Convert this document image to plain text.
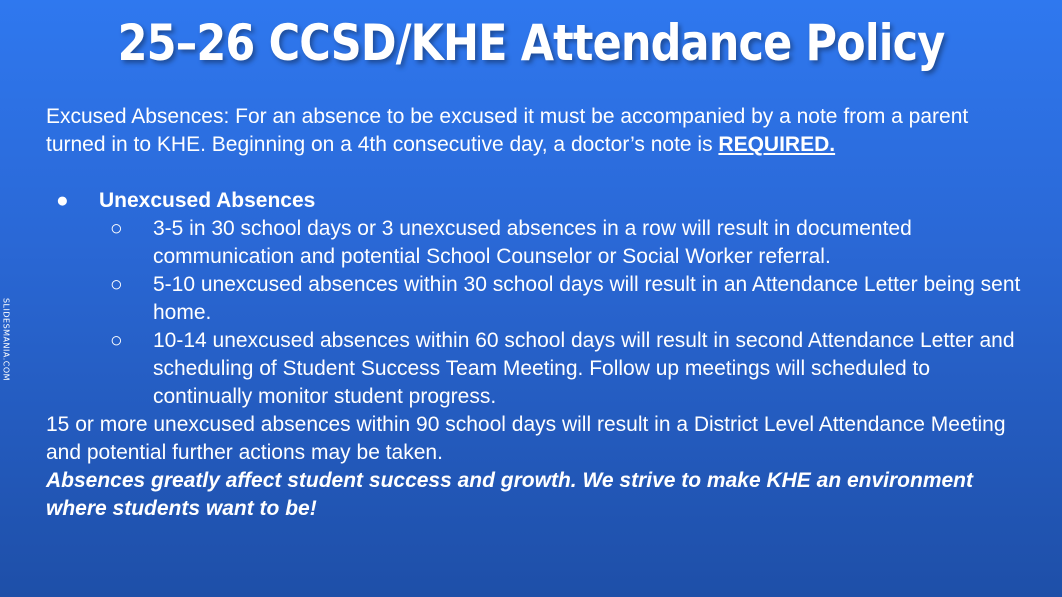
25–26 CCSD/KHE Attendance Policy

Excused Absences: For an absence to be excused it must be accompanied by a note from a parent turned in to KHE. Beginning on a 4th consecutive day, a doctor’s note is REQUIRED.

● Unexcused Absences
○ 3-5 in 30 school days or 3 unexcused absences in a row will result in documented communication and potential School Counselor or Social Worker referral.
○ 5-10 unexcused absences within 30 school days will result in an Attendance Letter being sent home.
○ 10-14 unexcused absences within 60 school days will result in second Attendance Letter and scheduling of Student Success Team Meeting. Follow up meetings will scheduled to continually monitor student progress.

15 or more unexcused absences within 90 school days will result in a District Level Attendance Meeting and potential further actions may be taken.

Absences greatly affect student success and growth. We strive to make KHE an environment where students want to be!

SLIDESMANIA.COM
